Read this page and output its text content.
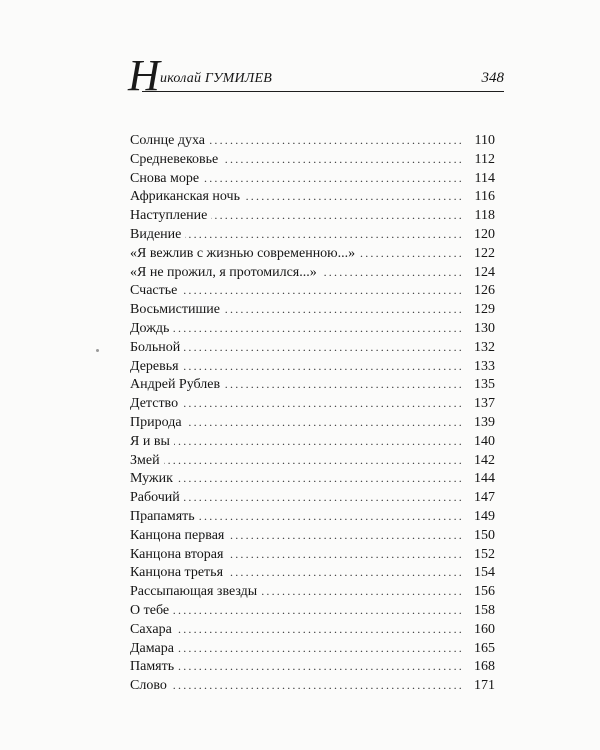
Н иколай ГУМИЛЕВ	348
Солнце духа .....	110
Средневековье .....	112
Снова море .....	114
Африканская ночь .....	116
Наступление .....	118
Видение .....	120
«Я вежлив с жизнью современною...» .....	122
«Я не прожил, я протомился...» .....	124
Счастье .....	126
Восьмистишие .....	129
Дождь .....	130
Больной .....	132
Деревья .....	133
Андрей Рублев .....	135
Детство .....	137
Природа .....	139
Я и вы .....	140
Змей .....	142
Мужик .....	144
Рабочий .....	147
Прапамять .....	149
Канцона первая .....	150
Канцона вторая .....	152
Канцона третья .....	154
Рассыпающая звезды .....	156
О тебе .....	158
Сахара .....	160
Дамара .....	165
Память .....	168
Слово .....	171
